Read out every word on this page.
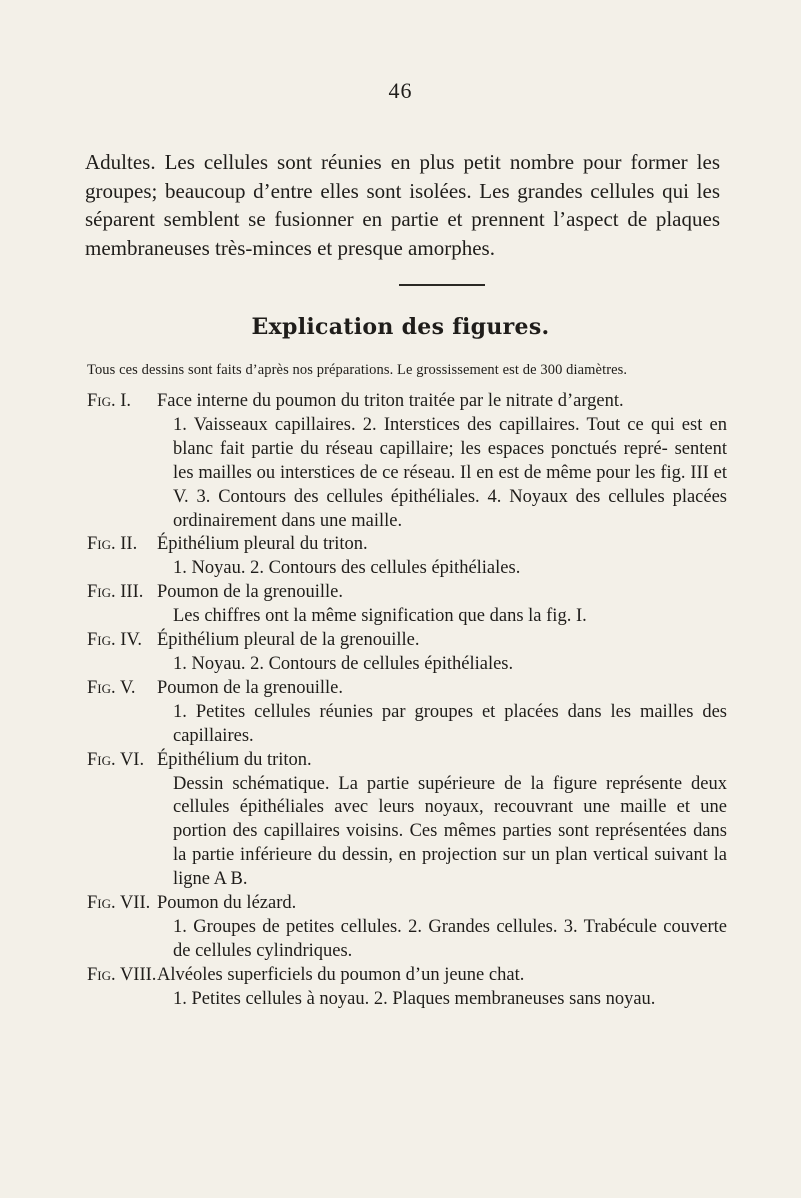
46

Adultes. Les cellules sont réunies en plus petit nombre pour former les groupes; beaucoup d’entre elles sont isolées. Les grandes cellules qui les séparent semblent se fusionner en partie et prennent l’aspect de plaques membraneuses très-minces et presque amorphes.

Explication des figures.
Tous ces dessins sont faits d’après nos préparations. Le grossissement est de 300 diamètres.
Fig. I.	Face interne du poumon du triton traitée par le nitrate d’argent.
1. Vaisseaux capillaires. 2. Interstices des capillaires. Tout ce qui est en blanc fait partie du réseau capillaire; les espaces ponctués repré- sentent les mailles ou interstices de ce réseau. Il en est de même pour les fig. III et V. 3. Contours des cellules épithéliales. 4. Noyaux des cellules placées ordinairement dans une maille.
Fig. II.	Épithélium pleural du triton.
1. Noyau. 2. Contours des cellules épithéliales.
Fig. III. Poumon de la grenouille.
Les chiffres ont la même signification que dans la fig. I.
Fig. IV. Épithélium pleural de la grenouille.
1. Noyau. 2. Contours de cellules épithéliales.
Fig. V.	Poumon de la grenouille.
1. Petites cellules réunies par groupes et placées dans les mailles des capillaires.
Fig. VI. Épithélium du triton.
Dessin schématique. La partie supérieure de la figure représente deux cellules épithéliales avec leurs noyaux, recouvrant une maille et une portion des capillaires voisins. Ces mêmes parties sont représentées dans la partie inférieure du dessin, en projection sur un plan vertical suivant la ligne A B.
Fig. VII. Poumon du lézard.
1. Groupes de petites cellules. 2. Grandes cellules. 3. Trabécule couverte de cellules cylindriques.
Fig. VIII. Alvéoles superficiels du poumon d’un jeune chat.
1. Petites cellules à noyau. 2. Plaques membraneuses sans noyau.
